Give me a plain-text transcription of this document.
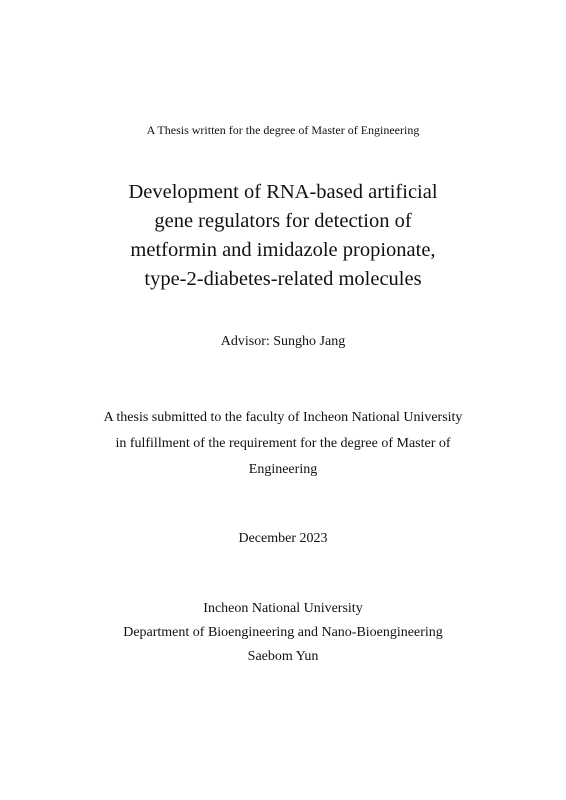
A Thesis written for the degree of Master of Engineering

Development of RNA-based artificial
gene regulators for detection of
metformin and imidazole propionate,
type-2-diabetes-related molecules

Advisor: Sungho Jang

A thesis submitted to the faculty of Incheon National University
in fulfillment of the requirement for the degree of Master of
Engineering

December 2023

Incheon National University
Department of Bioengineering and Nano-Bioengineering
Saebom Yun
